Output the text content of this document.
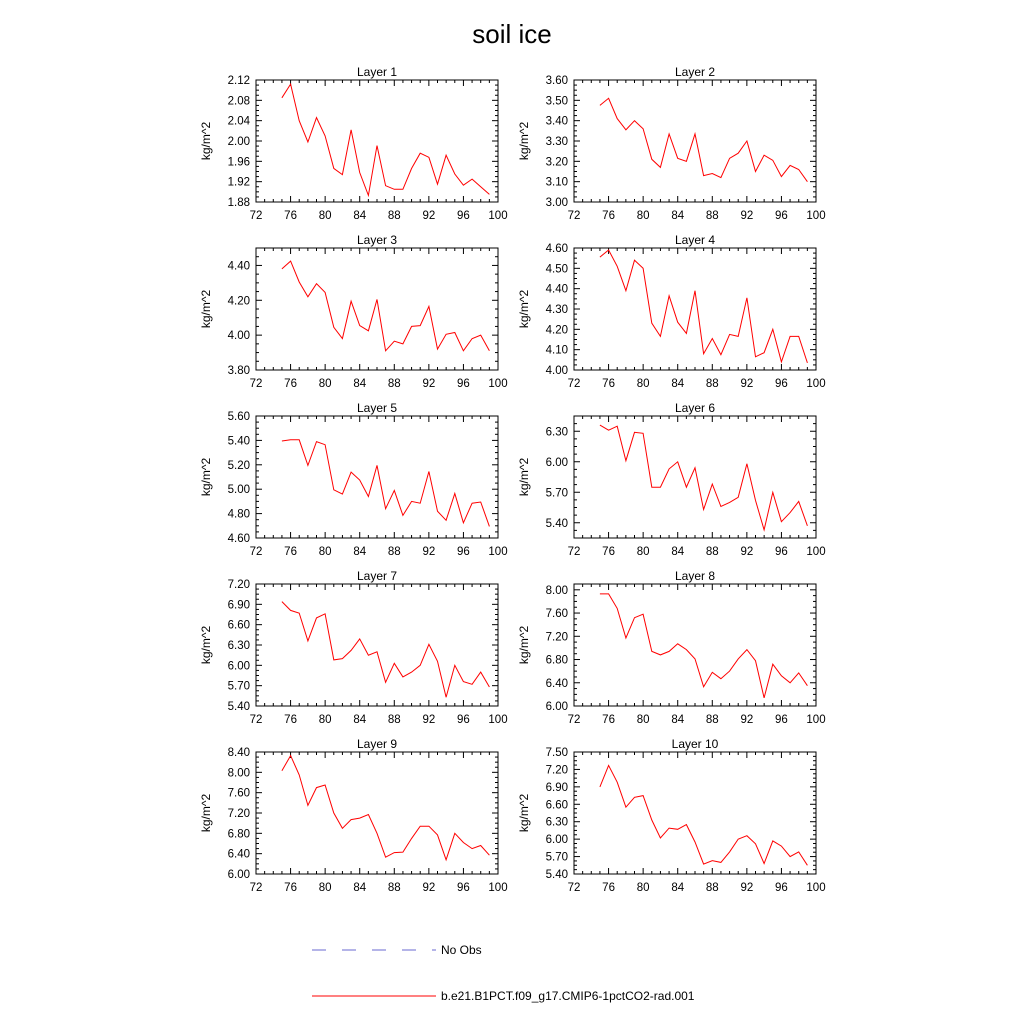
soil ice
Layer 1
kg/m^2
72 76 80 84 88 92 96 100
1.88
1.92
1.96
2.00
2.04
2.08
2.12
Layer 2
kg/m^2
72 76 80 84 88 92 96 100
3.00
3.10
3.20
3.30
3.40
3.50
3.60
Layer 3
kg/m^2
72 76 80 84 88 92 96 100
3.80
4.00
4.20
4.40
Layer 4
kg/m^2
72 76 80 84 88 92 96 100
4.00
4.10
4.20
4.30
4.40
4.50
4.60
Layer 5
kg/m^2
72 76 80 84 88 92 96 100
4.60
4.80
5.00
5.20
5.40
5.60
Layer 6
kg/m^2
72 76 80 84 88 92 96 100
5.40
5.70
6.00
6.30
Layer 7
kg/m^2
72 76 80 84 88 92 96 100
5.40
5.70
6.00
6.30
6.60
6.90
7.20
Layer 8
kg/m^2
72 76 80 84 88 92 96 100
6.00
6.40
6.80
7.20
7.60
8.00
Layer 9
kg/m^2
72 76 80 84 88 92 96 100
6.00
6.40
6.80
7.20
7.60
8.00
8.40
Layer 10
kg/m^2
72 76 80 84 88 92 96 100
5.40
5.70
6.00
6.30
6.60
6.90
7.20
7.50
No Obs
b.e21.B1PCT.f09_g17.CMIP6-1pctCO2-rad.001
